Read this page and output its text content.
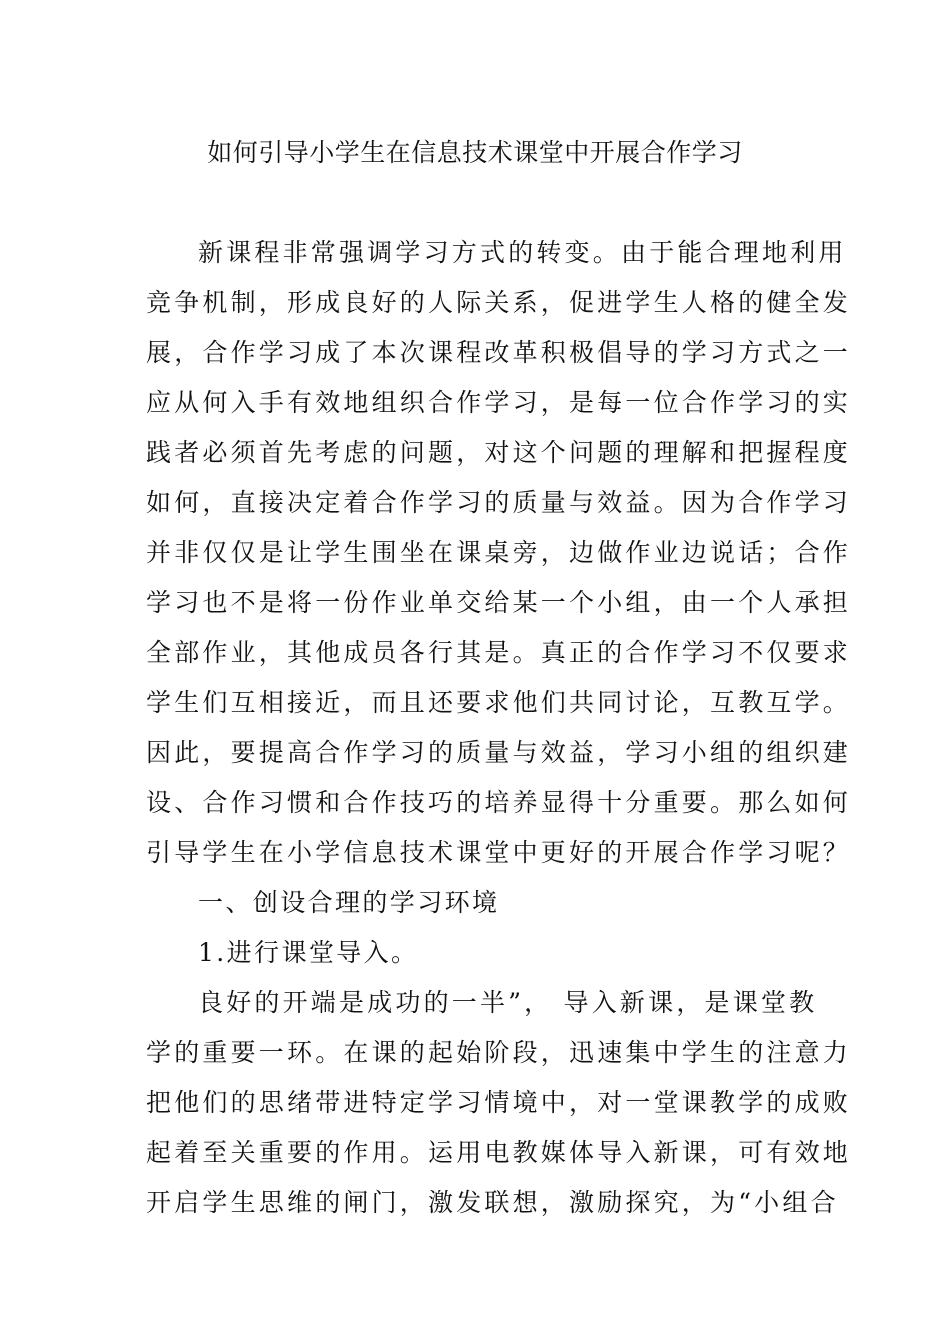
如何引导小学生在信息技术课堂中开展合作学习

新课程非常强调学习方式的转变。由于能合理地利用

竞争机制，形成良好的人际关系，促进学生人格的健全发

展，合作学习成了本次课程改革积极倡导的学习方式之一

应从何入手有效地组织合作学习，是每一位合作学习的实

践者必须首先考虑的问题，对这个问题的理解和把握程度

如何，直接决定着合作学习的质量与效益。因为合作学习

并非仅仅是让学生围坐在课桌旁，边做作业边说话；合作

学习也不是将一份作业单交给某一个小组，由一个人承担

全部作业，其他成员各行其是。真正的合作学习不仅要求

学生们互相接近，而且还要求他们共同讨论，互教互学。

因此，要提高合作学习的质量与效益，学习小组的组织建

设、合作习惯和合作技巧的培养显得十分重要。那么如何

引导学生在小学信息技术课堂中更好的开展合作学习呢？

一、创设合理的学习环境

1.进行课堂导入。

良好的开端是成功的一半”， 导入新课，是课堂教

学的重要一环。在课的起始阶段，迅速集中学生的注意力

把他们的思绪带进特定学习情境中，对一堂课教学的成败

起着至关重要的作用。运用电教媒体导入新课，可有效地

开启学生思维的闸门，激发联想，激励探究，为“小组合
